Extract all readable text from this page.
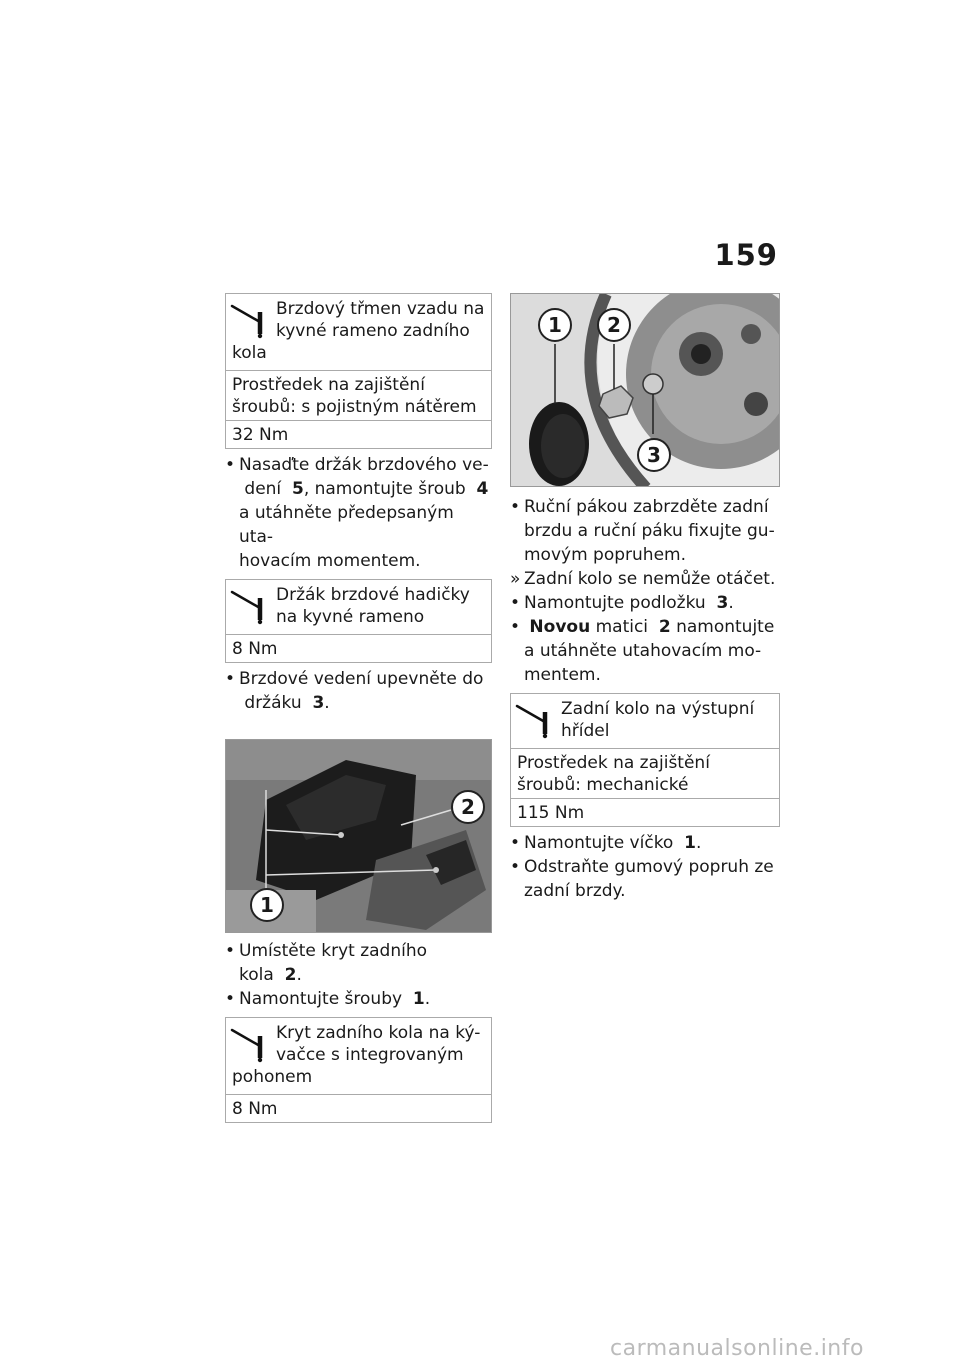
159
Brzdový třmen vzadu na
kyvné rameno zadního
kola
Prostředek na zajištění
šroubů: s pojistným nátěrem
32 Nm
• Nasaďte držák brzdového ve-
dení 5, namontujte šroub 4
a utáhněte předepsaným uta-
hovacím momentem.
Držák brzdové hadičky
na kyvné rameno
8 Nm
• Brzdové vedení upevněte do
držáku 3.
1
2
• Umístěte kryt zadního kola 2.
• Namontujte šrouby 1.
Kryt zadního kola na ký-
vačce s integrovaným
pohonem
8 Nm
1	2
3
• Ruční pákou zabrzděte zadní
brzdu a ruční páku fixujte gu-
movým popruhem.
» Zadní kolo se nemůže otáčet.
• Namontujte podložku 3.
• Novou matici 2 namontujte
a utáhněte utahovacím mo-
mentem.
Zadní kolo na výstupní
hřídel
Prostředek na zajištění
šroubů: mechanické
115 Nm
• Namontujte víčko 1.
• Odstraňte gumový popruh ze
zadní brzdy.
carmanualsonline.info
